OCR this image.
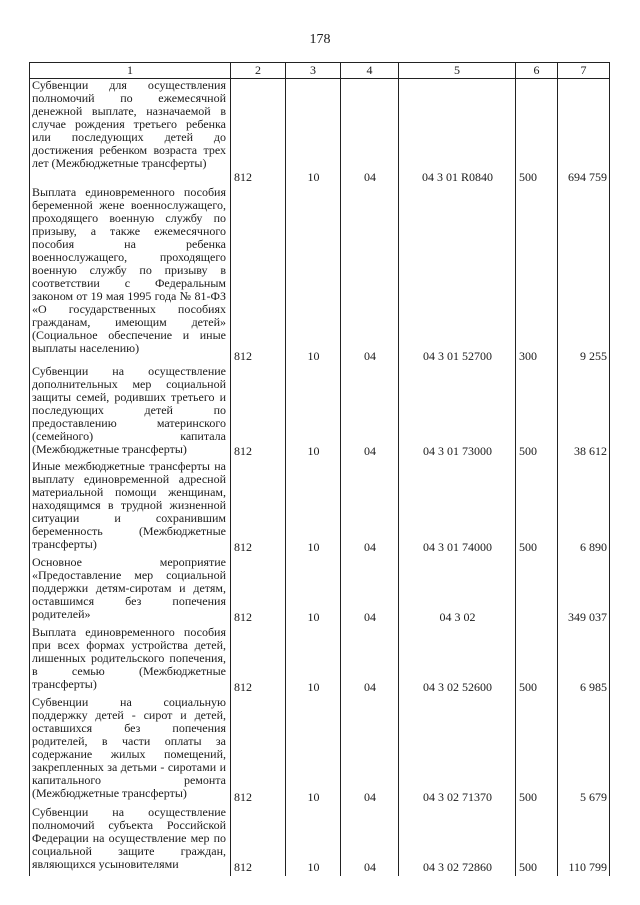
178
1	2	3	4	5	6	7
Субвенции для осуществления полномочий по ежемесячной денежной выплате, назначаемой в случае рождения третьего ребенка или последующих детей до достижения ребенком возраста трех лет (Межбюджетные трансферты)	812	10	04	04 3 01 R0840	500	694 759
Выплата единовременного пособия беременной жене военнослужащего, проходящего военную службу по призыву, а также ежемесячного пособия на ребенка военнослужащего, проходящего военную службу по призыву в соответствии с Федеральным законом от 19 мая 1995 года № 81-ФЗ «О государственных пособиях гражданам, имеющим детей» (Социальное обеспечение и иные выплаты населению)	812	10	04	04 3 01 52700	300	9 255
Субвенции на осуществление дополнительных мер социальной защиты семей, родивших третьего и последующих детей по предоставлению материнского (семейного) капитала (Межбюджетные трансферты)	812	10	04	04 3 01 73000	500	38 612
Иные межбюджетные трансферты на выплату единовременной адресной материальной помощи женщинам, находящимся в трудной жизненной ситуации и сохранившим беременность (Межбюджетные трансферты)	812	10	04	04 3 01 74000	500	6 890
Основное мероприятие «Предоставление мер социальной поддержки детям-сиротам и детям, оставшимся без попечения родителей»	812	10	04	04 3 02		349 037
Выплата единовременного пособия при всех формах устройства детей, лишенных родительского попечения, в семью (Межбюджетные трансферты)	812	10	04	04 3 02 52600	500	6 985
Субвенции на социальную поддержку детей - сирот и детей, оставшихся без попечения родителей, в части оплаты за содержание жилых помещений, закрепленных за детьми - сиротами и капитального ремонта (Межбюджетные трансферты)	812	10	04	04 3 02 71370	500	5 679
Субвенции на осуществление полномочий субъекта Российской Федерации на осуществление мер по социальной защите граждан, являющихся усыновителями	812	10	04	04 3 02 72860	500	110 799
